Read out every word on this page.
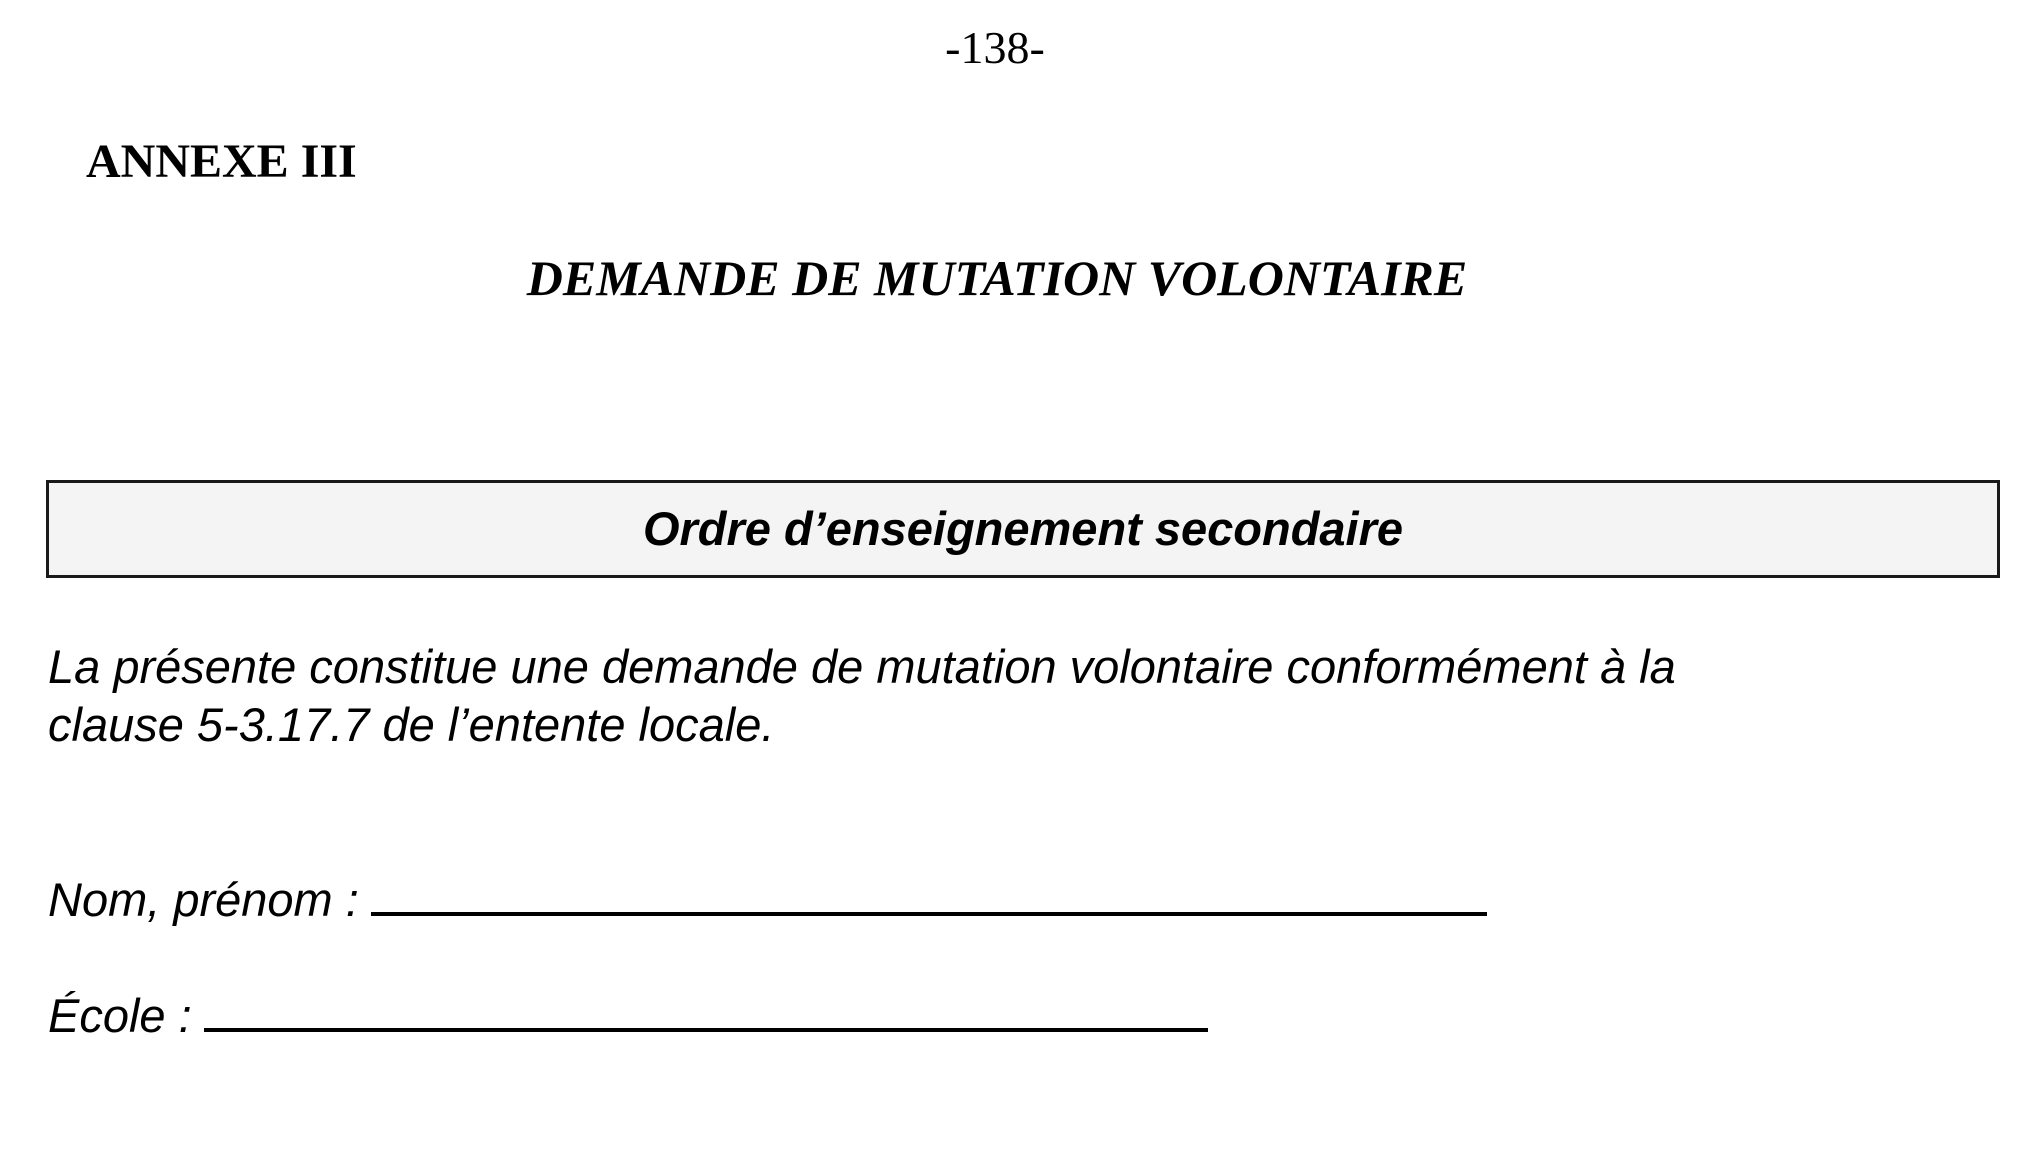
-138-
ANNEXE III
DEMANDE DE MUTATION VOLONTAIRE
Ordre d’enseignement secondaire
La présente constitue une demande de mutation volontaire conformément à la
clause 5-3.17.7 de l’entente locale.
Nom, prénom :
École :
